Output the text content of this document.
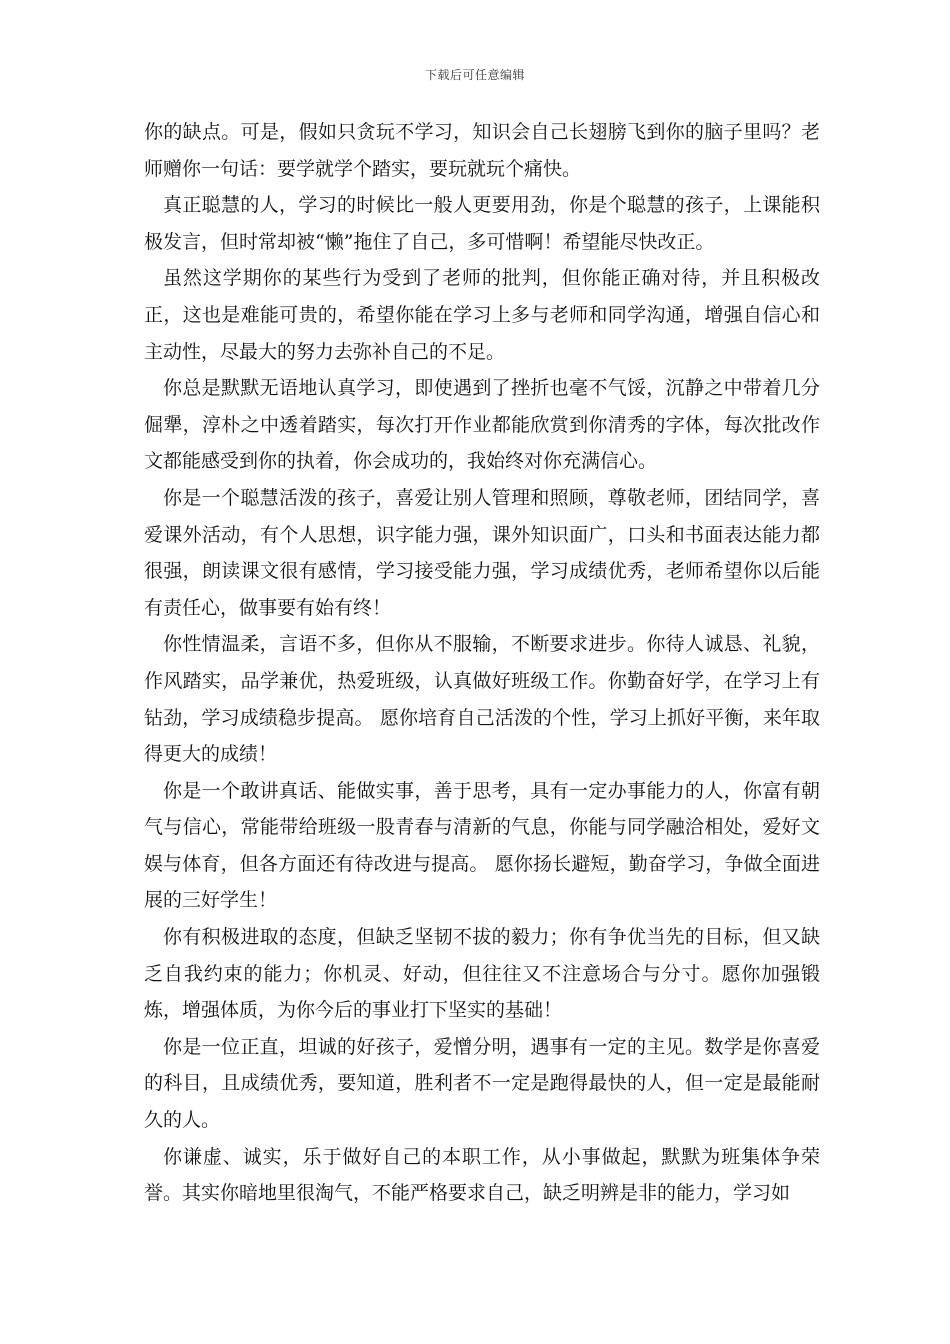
下载后可任意编辑

你的缺点。可是，假如只贪玩不学习，知识会自己长翅膀飞到你的脑子里吗？老师赠你一句话：要学就学个踏实，要玩就玩个痛快。

真正聪慧的人，学习的时候比一般人更要用劲，你是个聪慧的孩子，上课能积极发言，但时常却被“懒”拖住了自己，多可惜啊！希望能尽快改正。

虽然这学期你的某些行为受到了老师的批判，但你能正确对待，并且积极改正，这也是难能可贵的，希望你能在学习上多与老师和同学沟通，增强自信心和主动性，尽最大的努力去弥补自己的不足。

你总是默默无语地认真学习，即使遇到了挫折也毫不气馁，沉静之中带着几分倔犟，淳朴之中透着踏实，每次打开作业都能欣赏到你清秀的字体，每次批改作文都能感受到你的执着，你会成功的，我始终对你充满信心。

你是一个聪慧活泼的孩子，喜爱让别人管理和照顾，尊敬老师，团结同学，喜爱课外活动，有个人思想，识字能力强，课外知识面广，口头和书面表达能力都很强，朗读课文很有感情，学习接受能力强，学习成绩优秀，老师希望你以后能有责任心，做事要有始有终！

你性情温柔，言语不多，但你从不服输，不断要求进步。你待人诚恳、礼貌，作风踏实，品学兼优，热爱班级，认真做好班级工作。你勤奋好学，在学习上有钻劲，学习成绩稳步提高。 愿你培育自己活泼的个性，学习上抓好平衡，来年取得更大的成绩！

你是一个敢讲真话、能做实事，善于思考，具有一定办事能力的人，你富有朝气与信心，常能带给班级一股青春与清新的气息，你能与同学融洽相处，爱好文娱与体育，但各方面还有待改进与提高。 愿你扬长避短，勤奋学习，争做全面进展的三好学生！

你有积极进取的态度，但缺乏坚韧不拔的毅力；你有争优当先的目标，但又缺乏自我约束的能力；你机灵、好动，但往往又不注意场合与分寸。愿你加强锻炼，增强体质，为你今后的事业打下坚实的基础！

你是一位正直，坦诚的好孩子，爱憎分明，遇事有一定的主见。数学是你喜爱的科目，且成绩优秀，要知道，胜利者不一定是跑得最快的人，但一定是最能耐久的人。

你谦虚、诚实，乐于做好自己的本职工作，从小事做起，默默为班集体争荣誉。其实你暗地里很淘气，不能严格要求自己，缺乏明辨是非的能力，学习如
